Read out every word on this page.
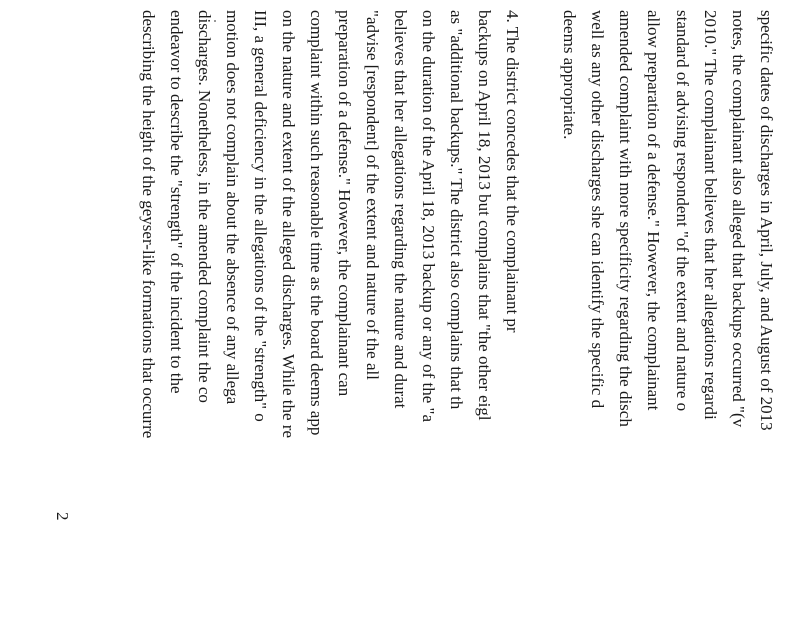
specific dates of discharges in April, July, and August of 2013
notes, the complainant also alleged that backups occurred "(v
2010." The complainant believes that her allegations regardi
standard of advising respondent "of the extent and nature o
allow preparation of a defense." However, the complainant
amended complaint with more specificity regarding the disch
well as any other discharges she can identify the specific d
deems appropriate.
4. The district concedes that the complainant pr
backups on April 18, 2013 but complains that "the other eigl
as "additional backups." The district also complains that th
on the duration of the April 18, 2013 backup or any of the "a
believes that her allegations regarding the nature and durat
"advise [respondent] of the extent and nature of the all
preparation of a defense." However, the complainant can
complaint within such reasonable time as the board deems app
on the nature and extent of the alleged discharges. While the re
III, a general deficiency in the allegations of the "strength" o
motion does not complain about the absence of any allega
discharges. Nonetheless, in the amended complaint the co
endeavor to describe the "strength" of the incident to the
describing the height of the geyser-like formations that occurre
2
